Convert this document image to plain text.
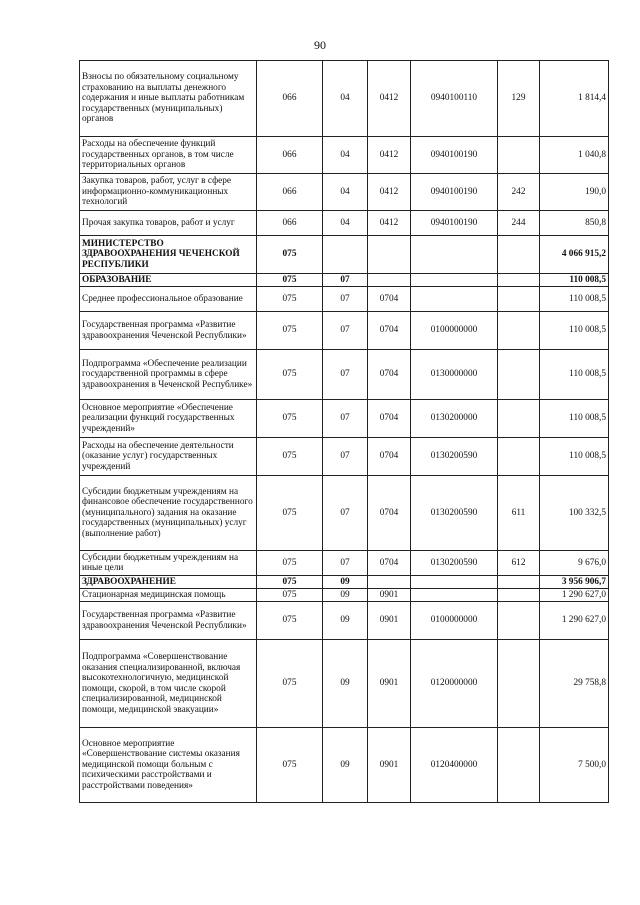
90
Взносы по обязательному социальному страхованию на выплаты денежного содержания и иные выплаты работникам государственных (муниципальных) органов	066	04	0412	0940100110	129	1 814,4
Расходы на обеспечение функций государственных органов, в том числе территориальных органов	066	04	0412	0940100190		1 040,8
Закупка товаров, работ, услуг в сфере информационно-коммуникационных технологий	066	04	0412	0940100190	242	190,0
Прочая закупка товаров, работ и услуг	066	04	0412	0940100190	244	850,8
МИНИСТЕРСТВО ЗДРАВООХРАНЕНИЯ ЧЕЧЕНСКОЙ РЕСПУБЛИКИ	075					4 066 915,2
ОБРАЗОВАНИЕ	075	07				110 008,5
Среднее профессиональное образование	075	07	0704			110 008,5
Государственная программа «Развитие здравоохранения Чеченской Республики»	075	07	0704	0100000000		110 008,5
Подпрограмма «Обеспечение реализации государственной программы в сфере здравоохранения в Чеченской Республике»	075	07	0704	0130000000		110 008,5
Основное мероприятие «Обеспечение реализации функций государственных учреждений»	075	07	0704	0130200000		110 008,5
Расходы на обеспечение деятельности (оказание услуг) государственных учреждений	075	07	0704	0130200590		110 008,5
Субсидии бюджетным учреждениям на финансовое обеспечение государственного (муниципального) задания на оказание государственных (муниципальных) услуг (выполнение работ)	075	07	0704	0130200590	611	100 332,5
Субсидии бюджетным учреждениям на иные цели	075	07	0704	0130200590	612	9 676,0
ЗДРАВООХРАНЕНИЕ	075	09				3 956 906,7
Стационарная медицинская помощь	075	09	0901			1 290 627,0
Государственная программа «Развитие здравоохранения Чеченской Республики»	075	09	0901	0100000000		1 290 627,0
Подпрограмма «Совершенствование оказания специализированной, включая высокотехнологичную, медицинской помощи, скорой, в том числе скорой специализированной, медицинской помощи, медицинской эвакуации»	075	09	0901	0120000000		29 758,8
Основное мероприятие «Совершенствование системы оказания медицинской помощи больным с психическими расстройствами и расстройствами поведения»	075	09	0901	0120400000		7 500,0
